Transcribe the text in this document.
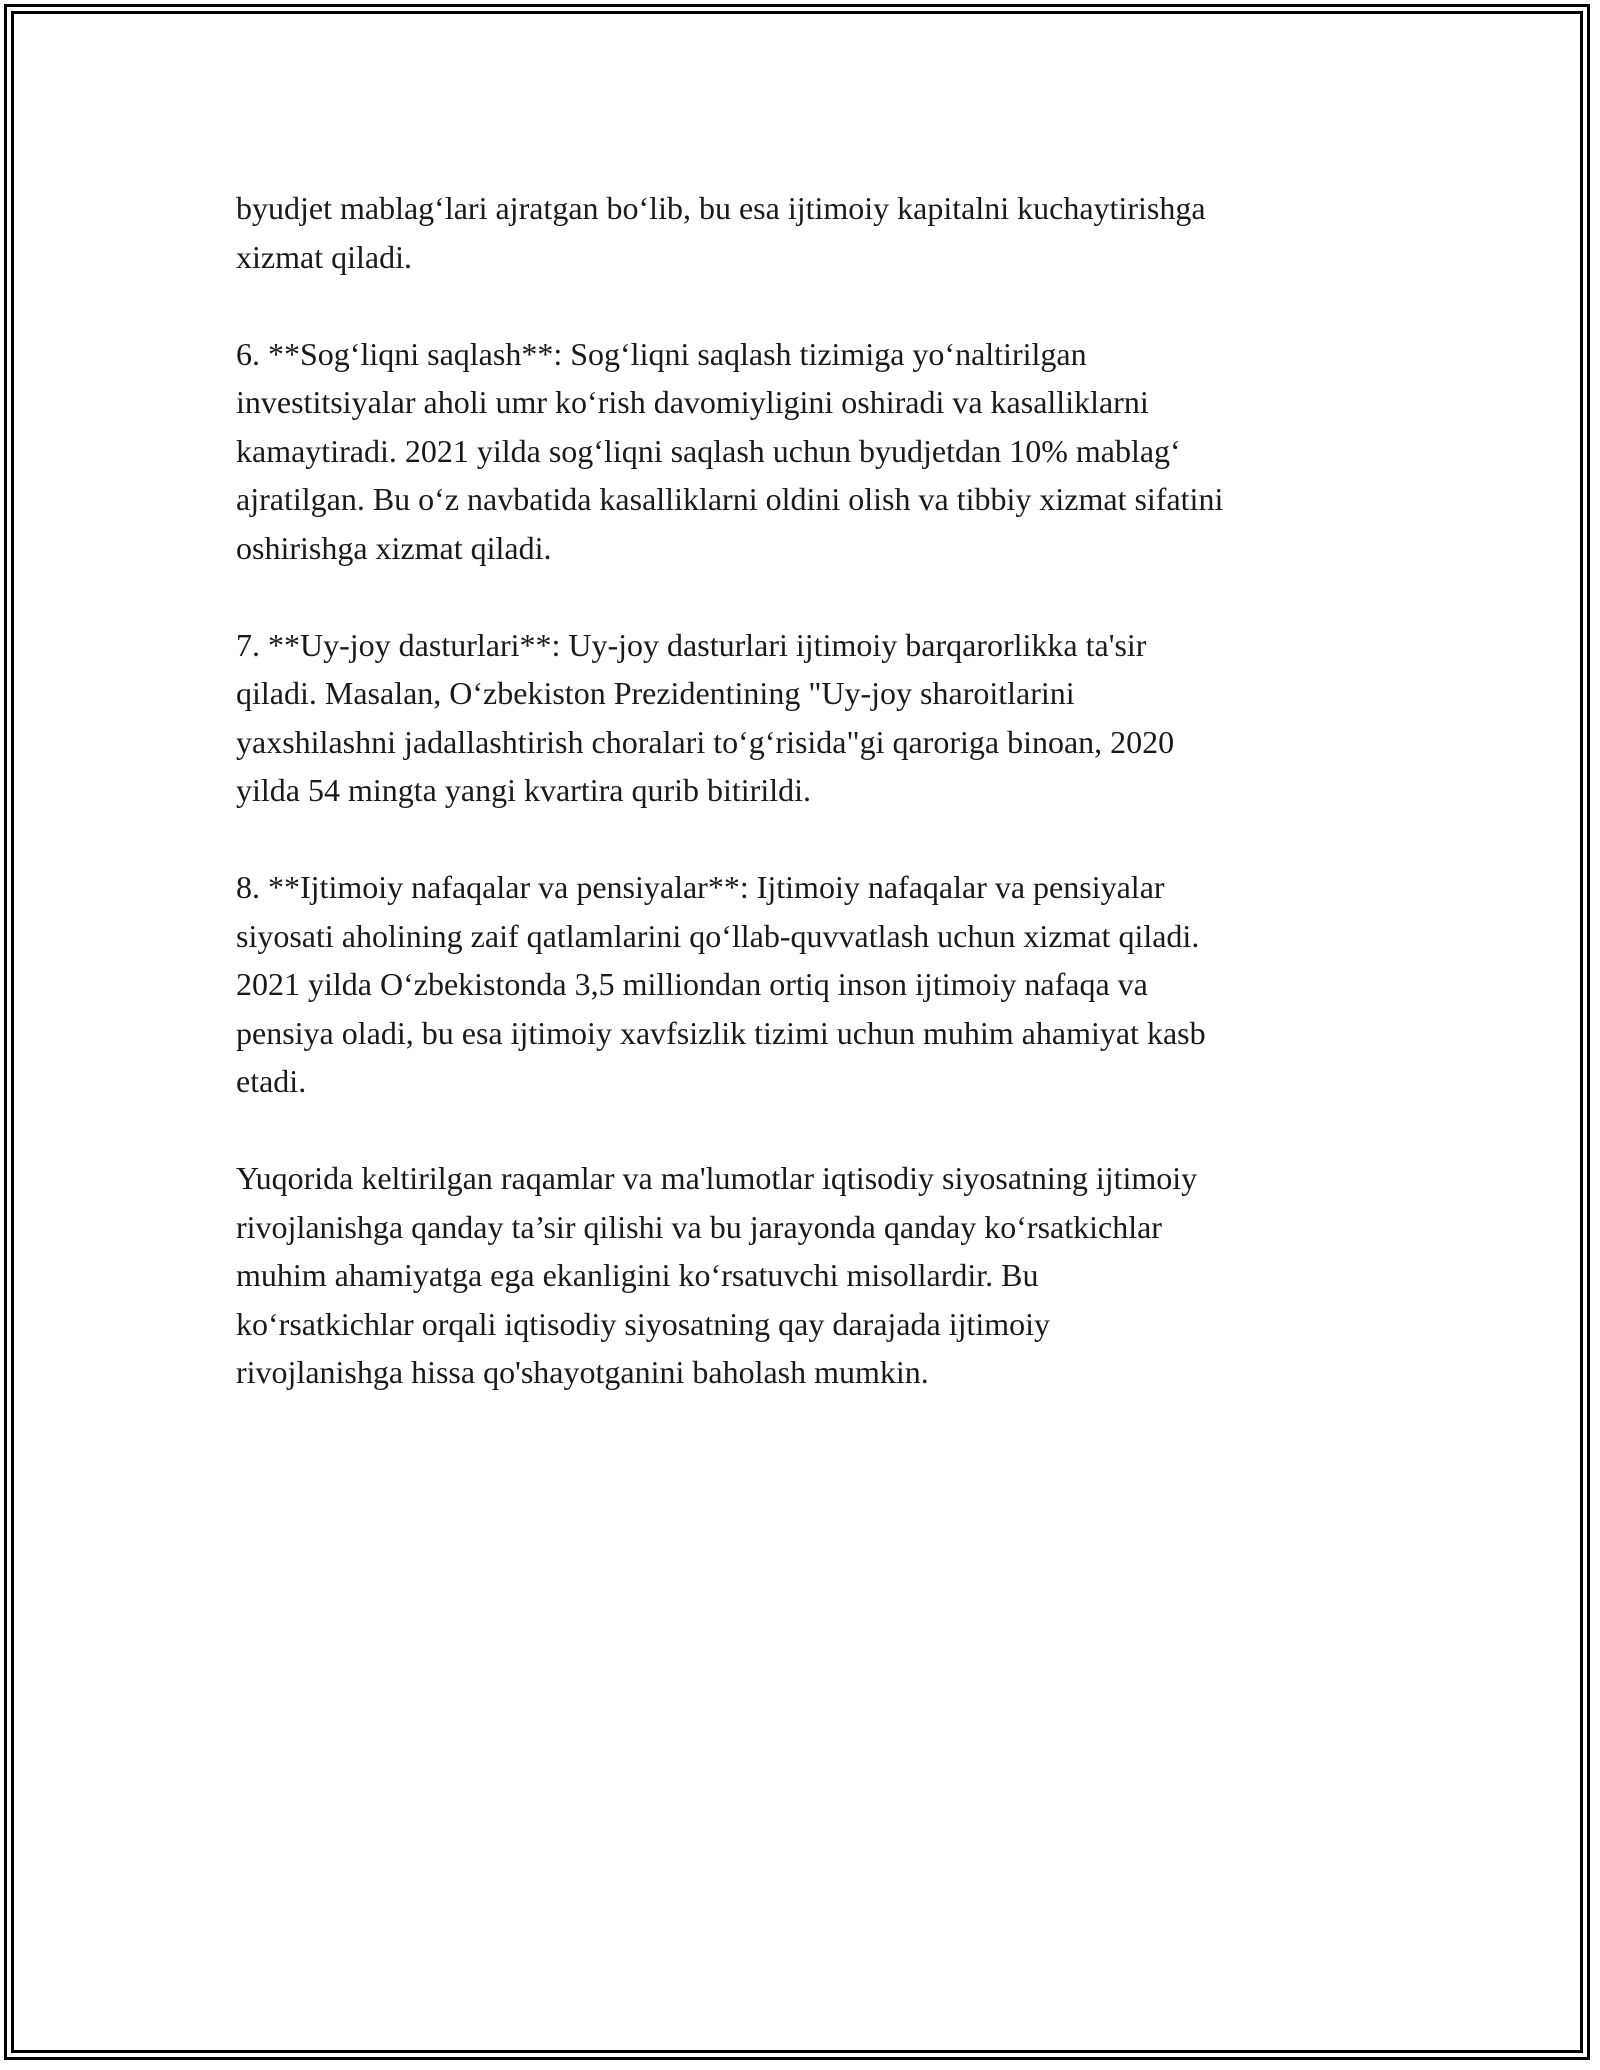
byudjet mablag‘lari ajratgan bo‘lib, bu esa ijtimoiy kapitalni kuchaytirishga
xizmat qiladi.

6. **Sog‘liqni saqlash**: Sog‘liqni saqlash tizimiga yo‘naltirilgan
investitsiyalar aholi umr ko‘rish davomiyligini oshiradi va kasalliklarni
kamaytiradi. 2021 yilda sog‘liqni saqlash uchun byudjetdan 10% mablag‘
ajratilgan. Bu o‘z navbatida kasalliklarni oldini olish va tibbiy xizmat sifatini
oshirishga xizmat qiladi.

7. **Uy-joy dasturlari**: Uy-joy dasturlari ijtimoiy barqarorlikka ta'sir
qiladi. Masalan, O‘zbekiston Prezidentining "Uy-joy sharoitlarini
yaxshilashni jadallashtirish choralari to‘g‘risida"gi qaroriga binoan, 2020
yilda 54 mingta yangi kvartira qurib bitirildi.

8. **Ijtimoiy nafaqalar va pensiyalar**: Ijtimoiy nafaqalar va pensiyalar
siyosati aholining zaif qatlamlarini qo‘llab-quvvatlash uchun xizmat qiladi.
2021 yilda O‘zbekistonda 3,5 milliondan ortiq inson ijtimoiy nafaqa va
pensiya oladi, bu esa ijtimoiy xavfsizlik tizimi uchun muhim ahamiyat kasb
etadi.

Yuqorida keltirilgan raqamlar va ma'lumotlar iqtisodiy siyosatning ijtimoiy
rivojlanishga qanday ta’sir qilishi va bu jarayonda qanday ko‘rsatkichlar
muhim ahamiyatga ega ekanligini ko‘rsatuvchi misollardir. Bu
ko‘rsatkichlar orqali iqtisodiy siyosatning qay darajada ijtimoiy
rivojlanishga hissa qo'shayotganini baholash mumkin.
